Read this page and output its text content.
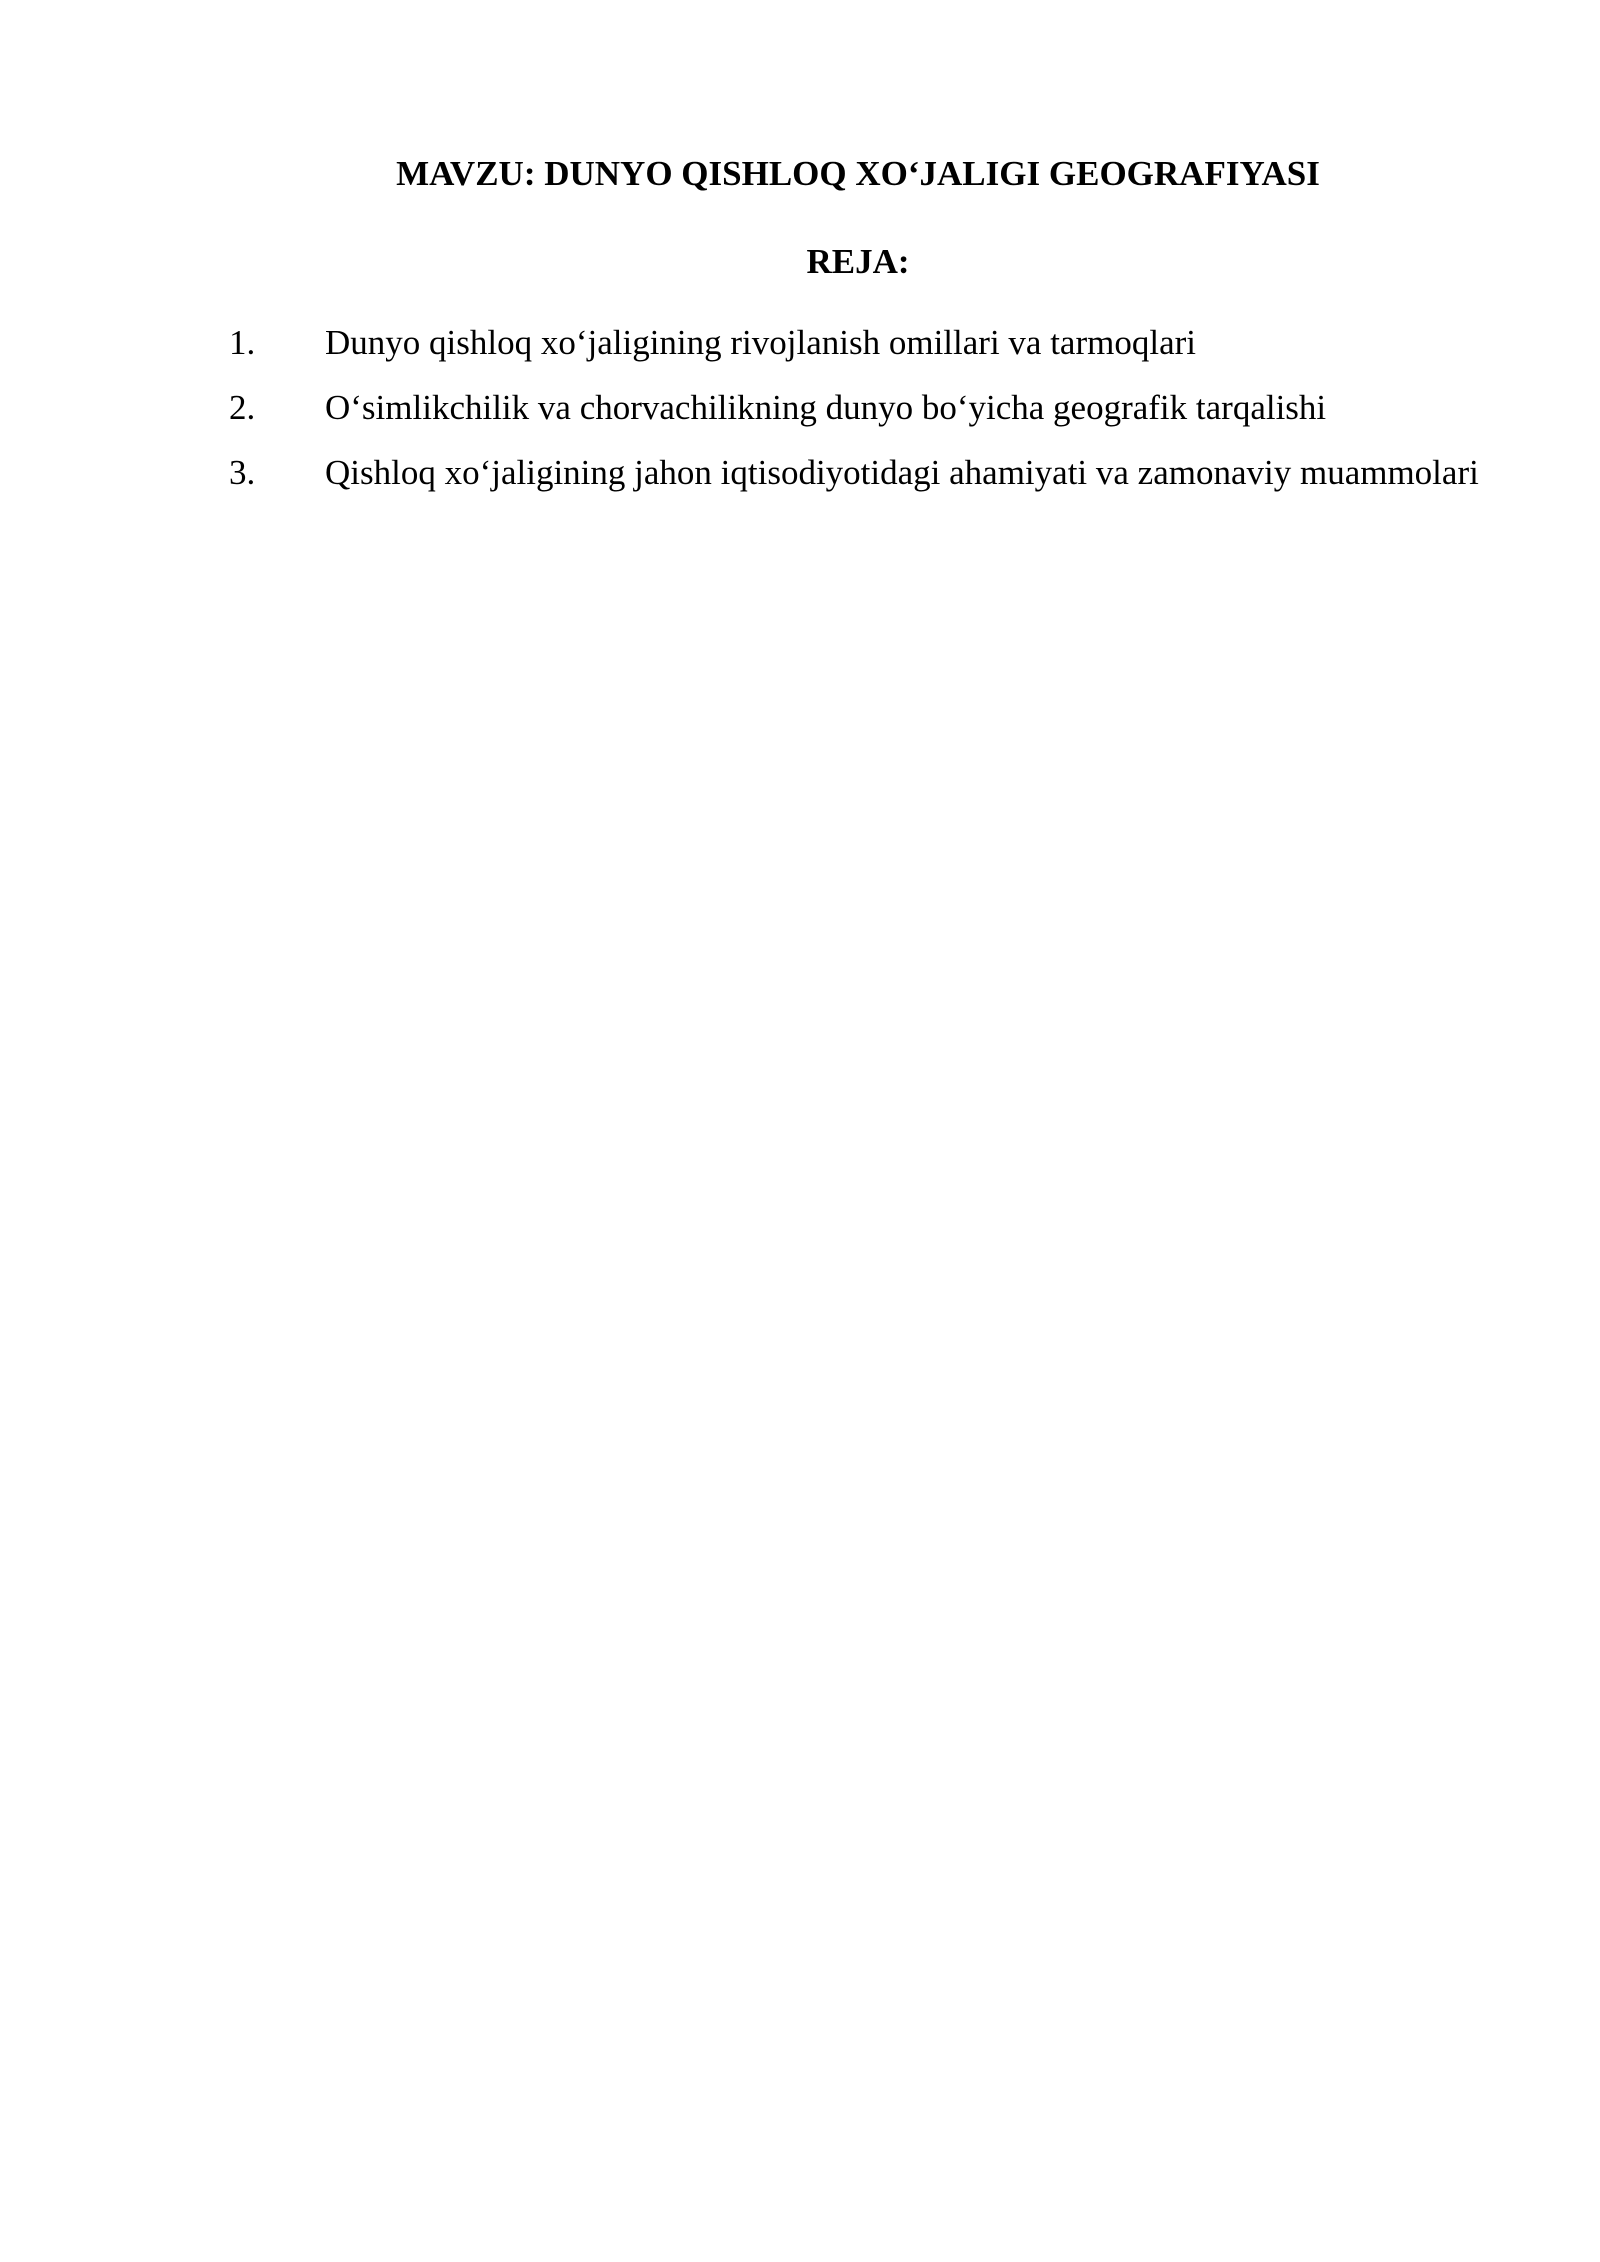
MAVZU: DUNYO QISHLOQ XO‘JALIGI GEOGRAFIYASI
REJA:
1. Dunyo qishloq xo‘jaligining rivojlanish omillari va tarmoqlari
2. O‘simlikchilik va chorvachilikning dunyo bo‘yicha geografik tarqalishi
3. Qishloq xo‘jaligining jahon iqtisodiyotidagi ahamiyati va zamonaviy muammolari
